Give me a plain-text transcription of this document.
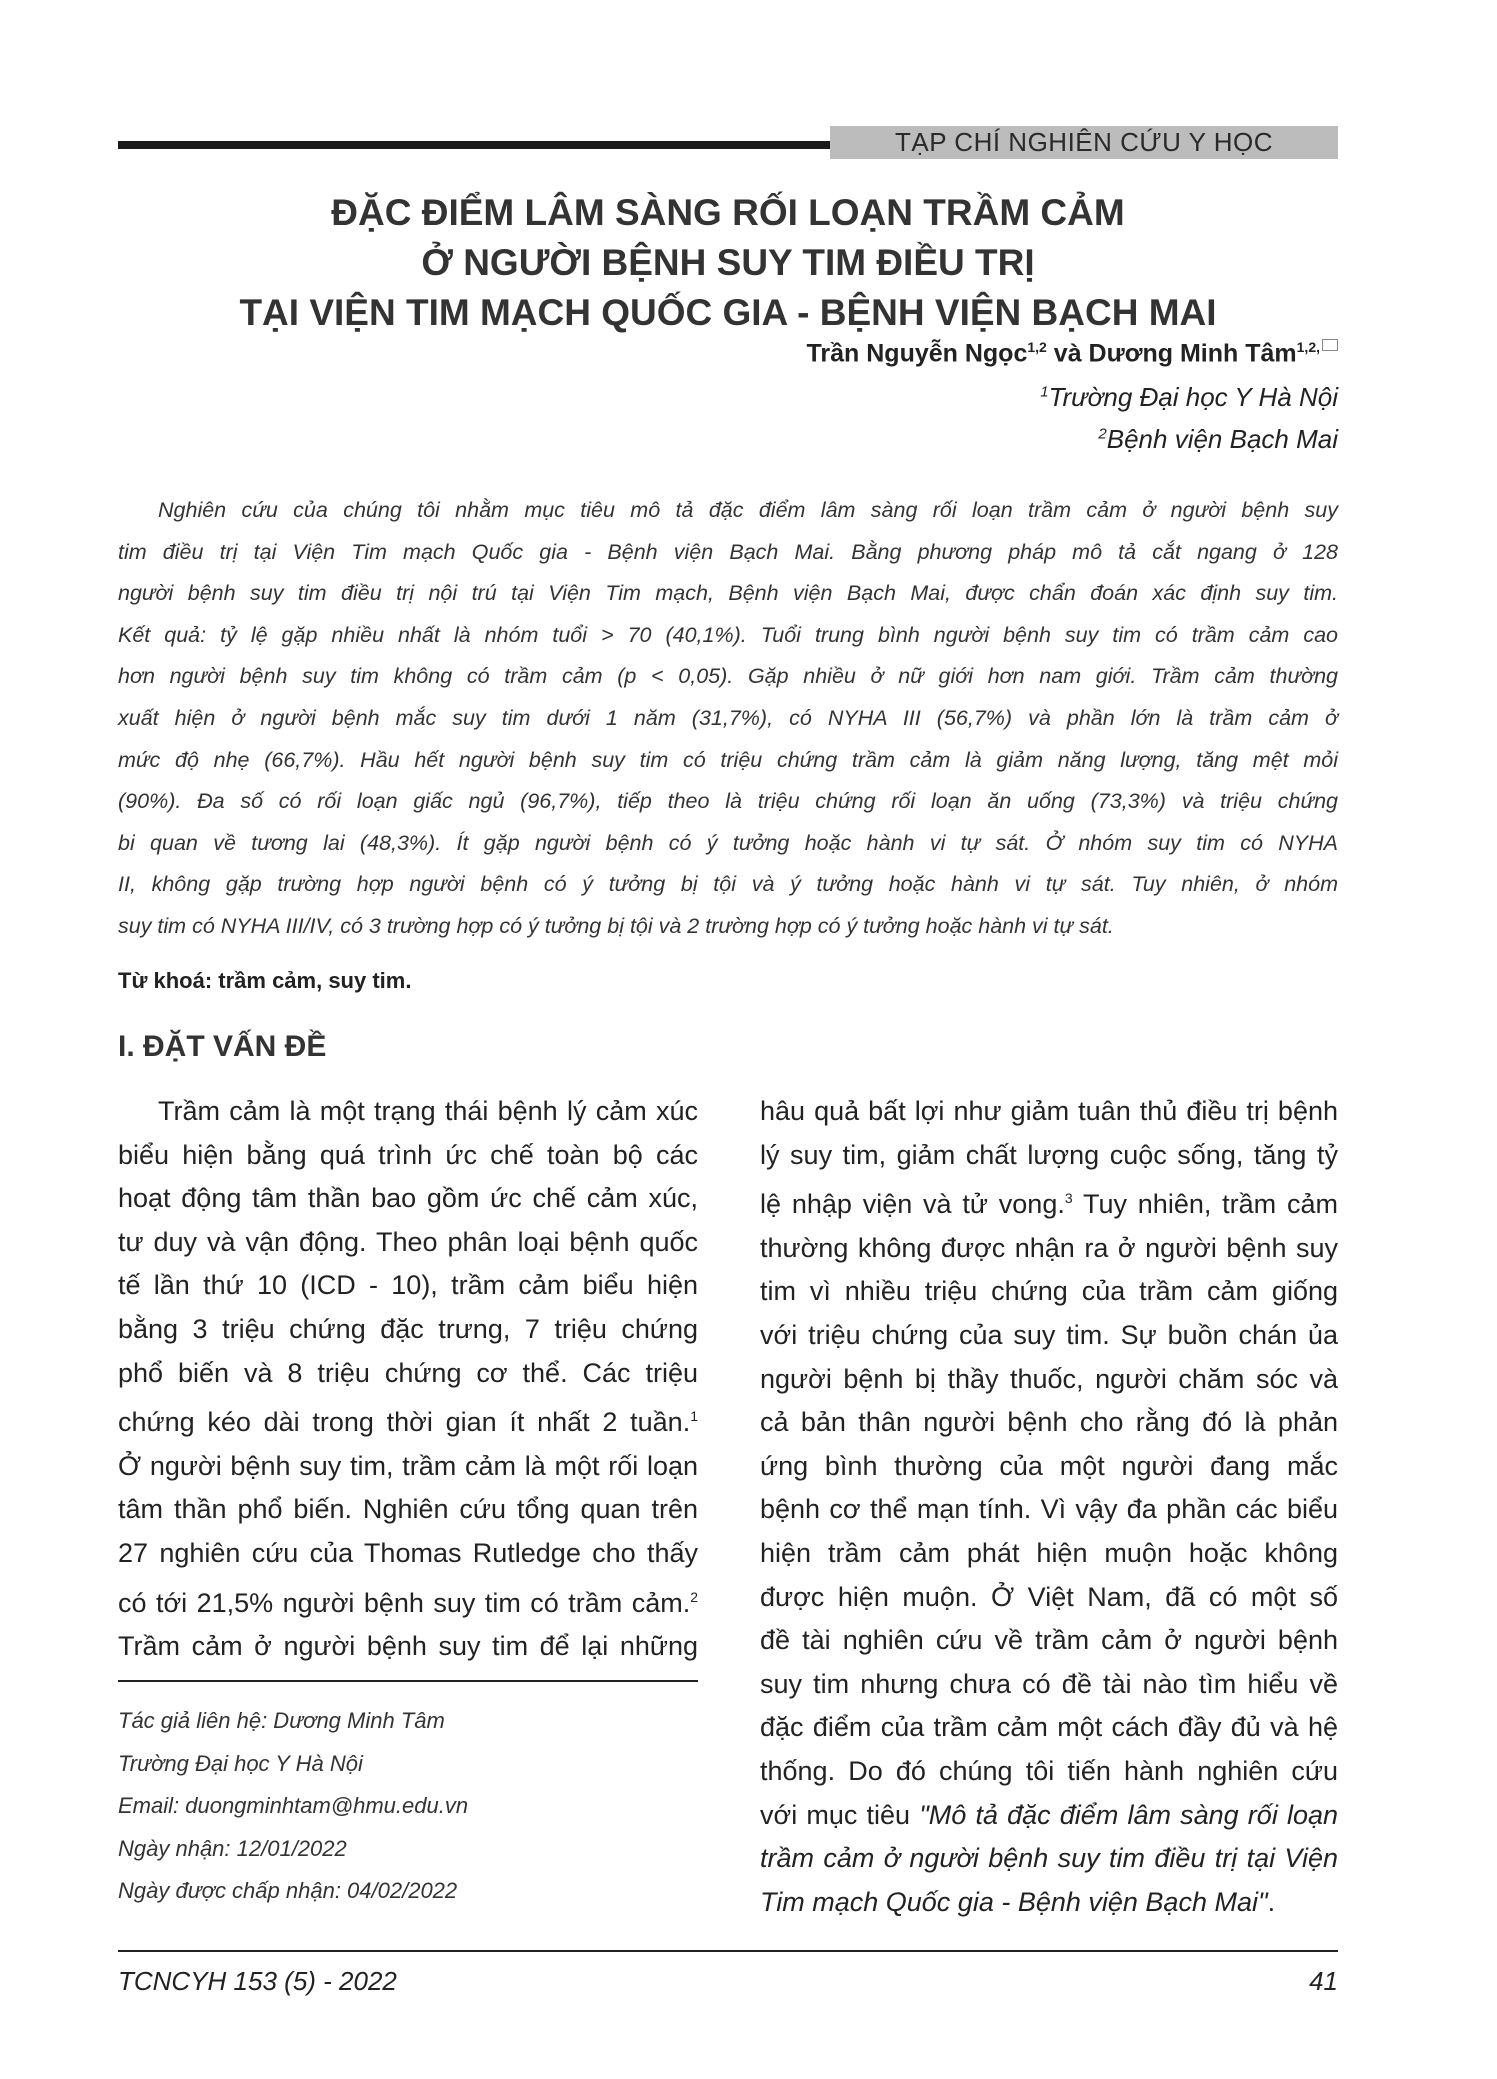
TẠP CHÍ NGHIÊN CỨU Y HỌC
ĐẶC ĐIỂM LÂM SÀNG RỐI LOẠN TRẦM CẢM
Ở NGƯỜI BỆNH SUY TIM ĐIỀU TRỊ
TẠI VIỆN TIM MẠCH QUỐC GIA - BỆNH VIỆN BẠCH MAI
Trần Nguyễn Ngọc$^{1,2}$ và Dương Minh Tâm$^{1,2,}$
$^1$Trường Đại học Y Hà Nội
$^2$Bệnh viện Bạch Mai
Nghiên cứu của chúng tôi nhằm mục tiêu mô tả đặc điểm lâm sàng rối loạn trầm cảm ở người bệnh suy
tim điều trị tại Viện Tim mạch Quốc gia - Bệnh viện Bạch Mai. Bằng phương pháp mô tả cắt ngang ở 128
người bệnh suy tim điều trị nội trú tại Viện Tim mạch, Bệnh viện Bạch Mai, được chẩn đoán xác định suy tim.
Kết quả: tỷ lệ gặp nhiều nhất là nhóm tuổi > 70 (40,1%). Tuổi trung bình người bệnh suy tim có trầm cảm cao
hơn người bệnh suy tim không có trầm cảm (p < 0,05). Gặp nhiều ở nữ giới hơn nam giới. Trầm cảm thường
xuất hiện ở người bệnh mắc suy tim dưới 1 năm (31,7%), có NYHA III (56,7%) và phần lớn là trầm cảm ở
mức độ nhẹ (66,7%). Hầu hết người bệnh suy tim có triệu chứng trầm cảm là giảm năng lượng, tăng mệt mỏi
(90%). Đa số có rối loạn giấc ngủ (96,7%), tiếp theo là triệu chứng rối loạn ăn uống (73,3%) và triệu chứng
bi quan về tương lai (48,3%). Ít gặp người bệnh có ý tưởng hoặc hành vi tự sát. Ở nhóm suy tim có NYHA
II, không gặp trường hợp người bệnh có ý tưởng bị tội và ý tưởng hoặc hành vi tự sát. Tuy nhiên, ở nhóm
suy tim có NYHA III/IV, có 3 trường hợp có ý tưởng bị tội và 2 trường hợp có ý tưởng hoặc hành vi tự sát.
Từ khoá: trầm cảm, suy tim.
I. ĐẶT VẤN ĐỀ
Trầm cảm là một trạng thái bệnh lý cảm xúc
biểu hiện bằng quá trình ức chế toàn bộ các
hoạt động tâm thần bao gồm ức chế cảm xúc,
tư duy và vận động. Theo phân loại bệnh quốc
tế lần thứ 10 (ICD - 10), trầm cảm biểu hiện
bằng 3 triệu chứng đặc trưng, 7 triệu chứng
phổ biến và 8 triệu chứng cơ thể. Các triệu
chứng kéo dài trong thời gian ít nhất 2 tuần.$^1$
Ở người bệnh suy tim, trầm cảm là một rối loạn
tâm thần phổ biến. Nghiên cứu tổng quan trên
27 nghiên cứu của Thomas Rutledge cho thấy
có tới 21,5% người bệnh suy tim có trầm cảm.$^2$
Trầm cảm ở người bệnh suy tim để lại những
hâu quả bất lợi như giảm tuân thủ điều trị bệnh
lý suy tim, giảm chất lượng cuộc sống, tăng tỷ
lệ nhập viện và tử vong.$^3$ Tuy nhiên, trầm cảm
thường không được nhận ra ở người bệnh suy
tim vì nhiều triệu chứng của trầm cảm giống
với triệu chứng của suy tim. Sự buồn chán ủa
người bệnh bị thầy thuốc, người chăm sóc và
cả bản thân người bệnh cho rằng đó là phản
ứng bình thường của một người đang mắc
bệnh cơ thể mạn tính. Vì vậy đa phần các biểu
hiện trầm cảm phát hiện muộn hoặc không
được hiện muộn. Ở Việt Nam, đã có một số
đề tài nghiên cứu về trầm cảm ở người bệnh
suy tim nhưng chưa có đề tài nào tìm hiểu về
đặc điểm của trầm cảm một cách đầy đủ và hệ
thống. Do đó chúng tôi tiến hành nghiên cứu
với mục tiêu "Mô tả đặc điểm lâm sàng rối loạn
trầm cảm ở người bệnh suy tim điều trị tại Viện
Tim mạch Quốc gia - Bệnh viện Bạch Mai".
Tác giả liên hệ: Dương Minh Tâm
Trường Đại học Y Hà Nội
Email: duongminhtam@hmu.edu.vn
Ngày nhận: 12/01/2022
Ngày được chấp nhận: 04/02/2022
TCNCYH 153 (5) - 2022	41
